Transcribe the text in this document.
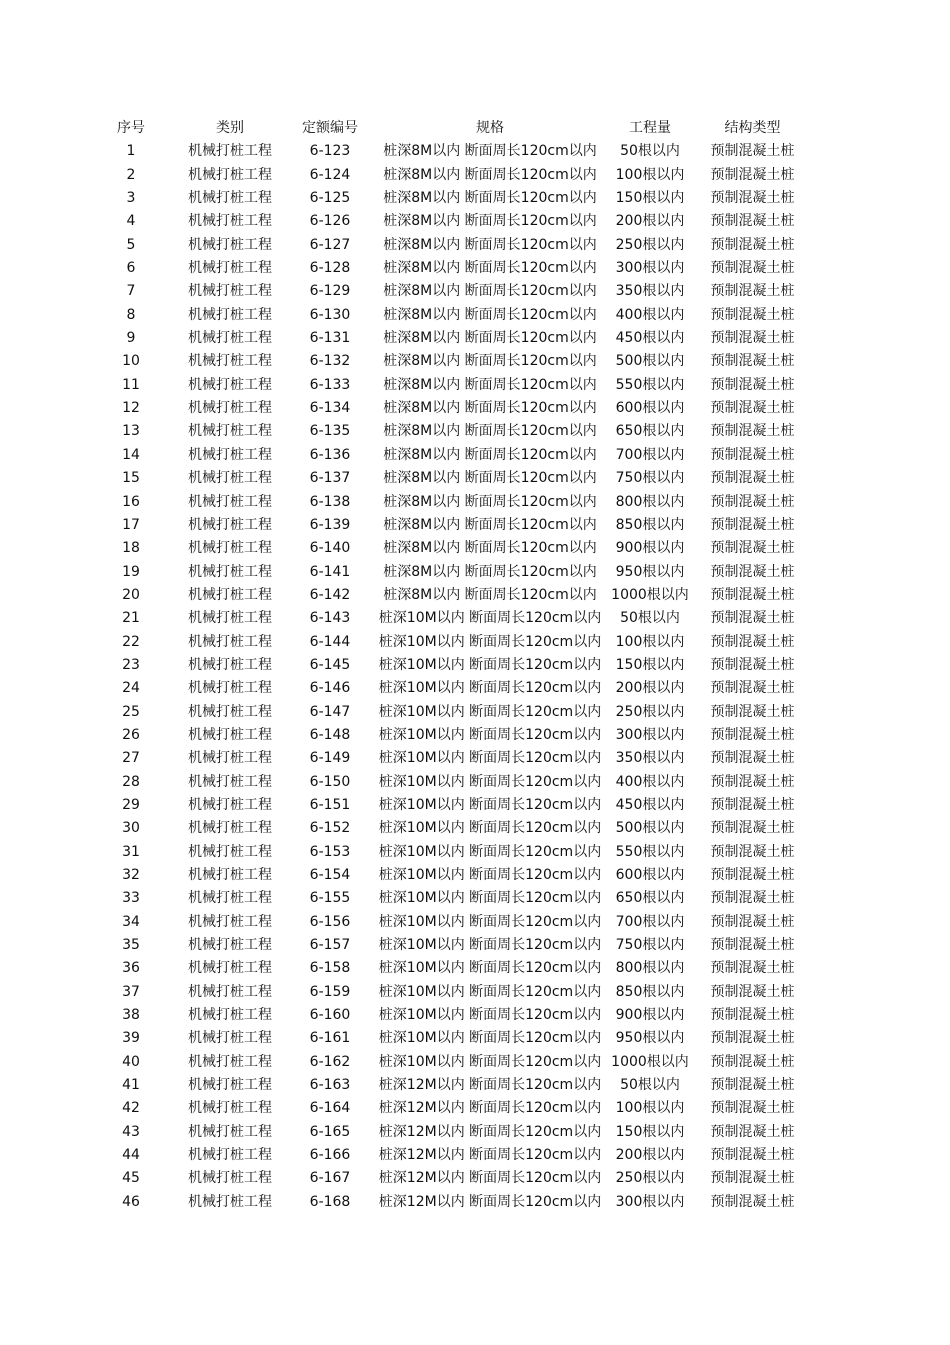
	序号	类别	定额编号	规格	工程量	结构类型	
	1	机械打桩工程	6-123	桩深8M以内 断面周长120cm以内	50根以内	预制混凝土桩	
	2	机械打桩工程	6-124	桩深8M以内 断面周长120cm以内	100根以内	预制混凝土桩	
	3	机械打桩工程	6-125	桩深8M以内 断面周长120cm以内	150根以内	预制混凝土桩	
	4	机械打桩工程	6-126	桩深8M以内 断面周长120cm以内	200根以内	预制混凝土桩	
	5	机械打桩工程	6-127	桩深8M以内 断面周长120cm以内	250根以内	预制混凝土桩	
	6	机械打桩工程	6-128	桩深8M以内 断面周长120cm以内	300根以内	预制混凝土桩	
	7	机械打桩工程	6-129	桩深8M以内 断面周长120cm以内	350根以内	预制混凝土桩	
	8	机械打桩工程	6-130	桩深8M以内 断面周长120cm以内	400根以内	预制混凝土桩	
	9	机械打桩工程	6-131	桩深8M以内 断面周长120cm以内	450根以内	预制混凝土桩	
	10	机械打桩工程	6-132	桩深8M以内 断面周长120cm以内	500根以内	预制混凝土桩	
	11	机械打桩工程	6-133	桩深8M以内 断面周长120cm以内	550根以内	预制混凝土桩	
	12	机械打桩工程	6-134	桩深8M以内 断面周长120cm以内	600根以内	预制混凝土桩	
	13	机械打桩工程	6-135	桩深8M以内 断面周长120cm以内	650根以内	预制混凝土桩	
	14	机械打桩工程	6-136	桩深8M以内 断面周长120cm以内	700根以内	预制混凝土桩	
	15	机械打桩工程	6-137	桩深8M以内 断面周长120cm以内	750根以内	预制混凝土桩	
	16	机械打桩工程	6-138	桩深8M以内 断面周长120cm以内	800根以内	预制混凝土桩	
	17	机械打桩工程	6-139	桩深8M以内 断面周长120cm以内	850根以内	预制混凝土桩	
	18	机械打桩工程	6-140	桩深8M以内 断面周长120cm以内	900根以内	预制混凝土桩	
	19	机械打桩工程	6-141	桩深8M以内 断面周长120cm以内	950根以内	预制混凝土桩	
	20	机械打桩工程	6-142	桩深8M以内 断面周长120cm以内	1000根以内	预制混凝土桩	
	21	机械打桩工程	6-143	桩深10M以内 断面周长120cm以内	50根以内	预制混凝土桩	
	22	机械打桩工程	6-144	桩深10M以内 断面周长120cm以内	100根以内	预制混凝土桩	
	23	机械打桩工程	6-145	桩深10M以内 断面周长120cm以内	150根以内	预制混凝土桩	
	24	机械打桩工程	6-146	桩深10M以内 断面周长120cm以内	200根以内	预制混凝土桩	
	25	机械打桩工程	6-147	桩深10M以内 断面周长120cm以内	250根以内	预制混凝土桩	
	26	机械打桩工程	6-148	桩深10M以内 断面周长120cm以内	300根以内	预制混凝土桩	
	27	机械打桩工程	6-149	桩深10M以内 断面周长120cm以内	350根以内	预制混凝土桩	
	28	机械打桩工程	6-150	桩深10M以内 断面周长120cm以内	400根以内	预制混凝土桩	
	29	机械打桩工程	6-151	桩深10M以内 断面周长120cm以内	450根以内	预制混凝土桩	
	30	机械打桩工程	6-152	桩深10M以内 断面周长120cm以内	500根以内	预制混凝土桩	
	31	机械打桩工程	6-153	桩深10M以内 断面周长120cm以内	550根以内	预制混凝土桩	
	32	机械打桩工程	6-154	桩深10M以内 断面周长120cm以内	600根以内	预制混凝土桩	
	33	机械打桩工程	6-155	桩深10M以内 断面周长120cm以内	650根以内	预制混凝土桩	
	34	机械打桩工程	6-156	桩深10M以内 断面周长120cm以内	700根以内	预制混凝土桩	
	35	机械打桩工程	6-157	桩深10M以内 断面周长120cm以内	750根以内	预制混凝土桩	
	36	机械打桩工程	6-158	桩深10M以内 断面周长120cm以内	800根以内	预制混凝土桩	
	37	机械打桩工程	6-159	桩深10M以内 断面周长120cm以内	850根以内	预制混凝土桩	
	38	机械打桩工程	6-160	桩深10M以内 断面周长120cm以内	900根以内	预制混凝土桩	
	39	机械打桩工程	6-161	桩深10M以内 断面周长120cm以内	950根以内	预制混凝土桩	
	40	机械打桩工程	6-162	桩深10M以内 断面周长120cm以内	1000根以内	预制混凝土桩	
	41	机械打桩工程	6-163	桩深12M以内 断面周长120cm以内	50根以内	预制混凝土桩	
	42	机械打桩工程	6-164	桩深12M以内 断面周长120cm以内	100根以内	预制混凝土桩	
	43	机械打桩工程	6-165	桩深12M以内 断面周长120cm以内	150根以内	预制混凝土桩	
	44	机械打桩工程	6-166	桩深12M以内 断面周长120cm以内	200根以内	预制混凝土桩	
	45	机械打桩工程	6-167	桩深12M以内 断面周长120cm以内	250根以内	预制混凝土桩	
	46	机械打桩工程	6-168	桩深12M以内 断面周长120cm以内	300根以内	预制混凝土桩	
